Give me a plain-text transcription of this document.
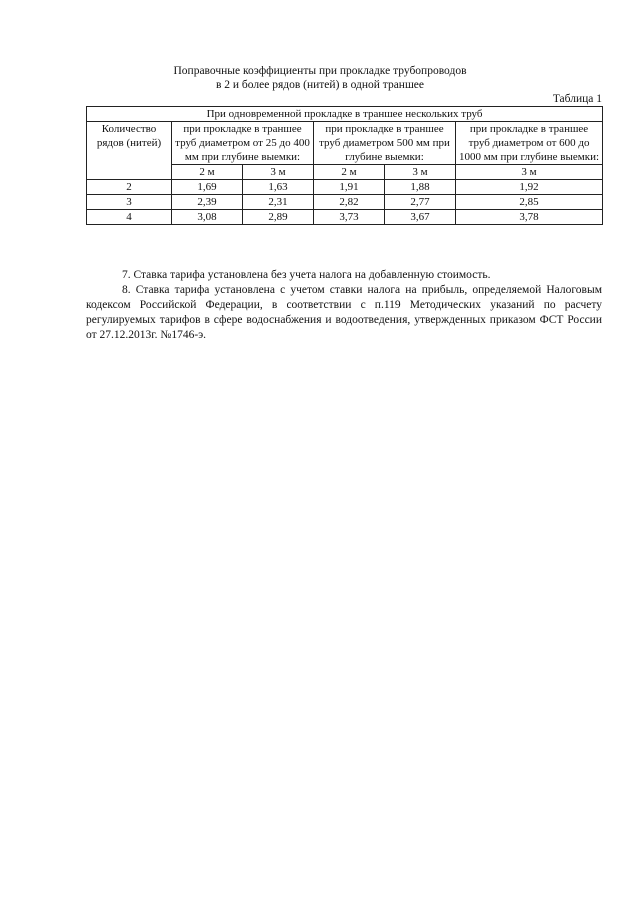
Поправочные коэффициенты при прокладке трубопроводов
в 2 и более рядов (нитей) в одной траншее
Таблица 1
При одновременной прокладке в траншее нескольких труб					
Количество рядов (нитей)	при прокладке в траншее труб диаметром от 25 до 400 мм при глубине выемки:		при прокладке в траншее труб диаметром 500 мм при глубине выемки:		при прокладке в траншее труб диаметром от 600 до 1000 мм при глубине выемки:
	2 м	3 м	2 м	3 м	3 м
2	1,69	1,63	1,91	1,88	1,92
3	2,39	2,31	2,82	2,77	2,85
4	3,08	2,89	3,73	3,67	3,78
7. Ставка тарифа установлена без учета налога на добавленную стоимость.
8. Ставка тарифа установлена с учетом ставки налога на прибыль, определяемой Налоговым кодексом Российской Федерации, в соответствии с п.119 Методических указаний по расчету регулируемых тарифов в сфере водоснабжения и водоотведения, утвержденных приказом ФСТ России от 27.12.2013г. №1746-э.
